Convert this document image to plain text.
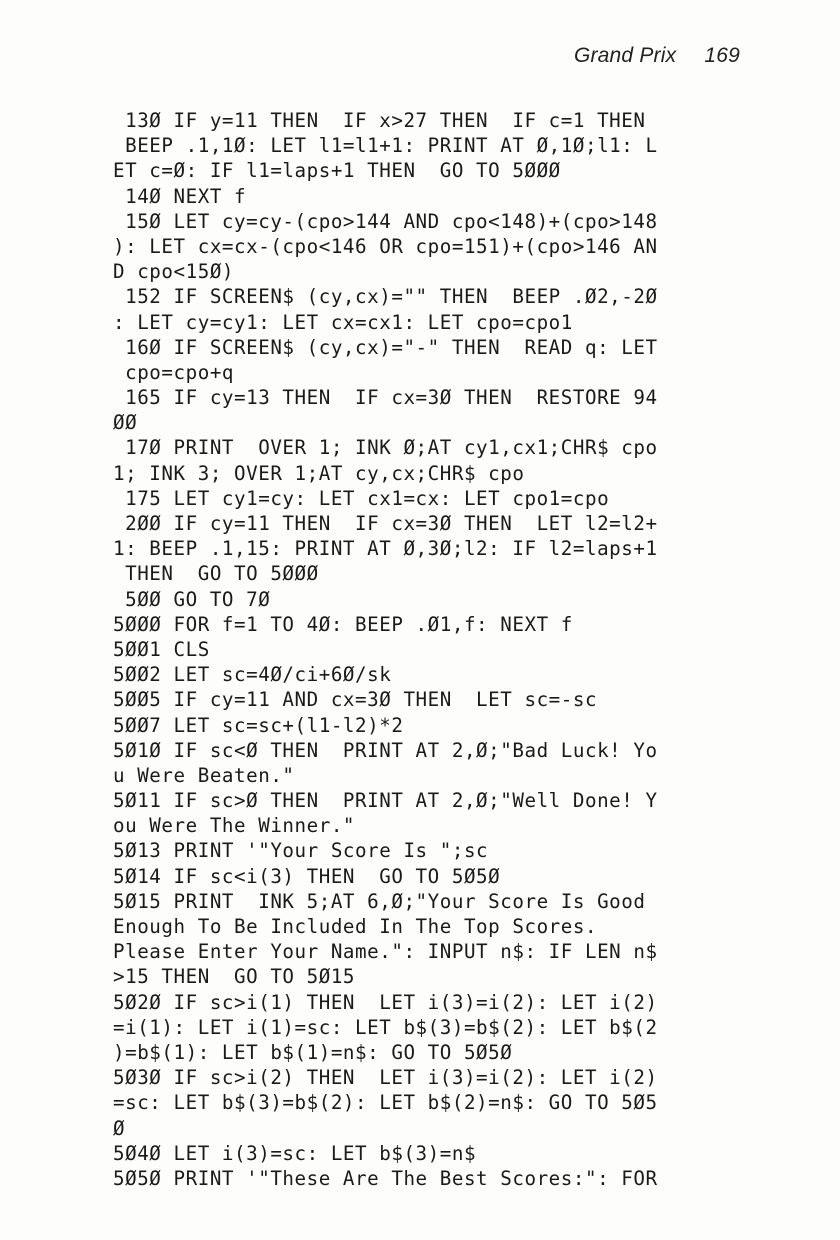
Grand Prix 169
13Ø IF y=11 THEN  IF x>27 THEN  IF c=1 THEN
BEEP .1,1Ø: LET l1=l1+1: PRINT AT Ø,1Ø;l1: L
ET c=Ø: IF l1=laps+1 THEN  GO TO 5ØØØ
14Ø NEXT f
15Ø LET cy=cy-(cpo>144 AND cpo<148)+(cpo>148
): LET cx=cx-(cpo<146 OR cpo=151)+(cpo>146 AN
D cpo<15Ø)
152 IF SCREEN$ (cy,cx)="" THEN  BEEP .Ø2,-2Ø
: LET cy=cy1: LET cx=cx1: LET cpo=cpo1
16Ø IF SCREEN$ (cy,cx)="-" THEN  READ q: LET
cpo=cpo+q
165 IF cy=13 THEN  IF cx=3Ø THEN  RESTORE 94
ØØ
17Ø PRINT  OVER 1; INK Ø;AT cy1,cx1;CHR$ cpo
1; INK 3; OVER 1;AT cy,cx;CHR$ cpo
175 LET cy1=cy: LET cx1=cx: LET cpo1=cpo
2ØØ IF cy=11 THEN  IF cx=3Ø THEN  LET l2=l2+
1: BEEP .1,15: PRINT AT Ø,3Ø;l2: IF l2=laps+1
THEN  GO TO 5ØØØ
5ØØ GO TO 7Ø
5ØØØ FOR f=1 TO 4Ø: BEEP .Ø1,f: NEXT f
5ØØ1 CLS
5ØØ2 LET sc=4Ø/ci+6Ø/sk
5ØØ5 IF cy=11 AND cx=3Ø THEN  LET sc=-sc
5ØØ7 LET sc=sc+(l1-l2)*2
5Ø1Ø IF sc<Ø THEN  PRINT AT 2,Ø;"Bad Luck! Yo
u Were Beaten."
5Ø11 IF sc>Ø THEN  PRINT AT 2,Ø;"Well Done! Y
ou Were The Winner."
5Ø13 PRINT '"Your Score Is ";sc
5Ø14 IF sc<i(3) THEN  GO TO 5Ø5Ø
5Ø15 PRINT  INK 5;AT 6,Ø;"Your Score Is Good
Enough To Be Included In The Top Scores.
Please Enter Your Name.": INPUT n$: IF LEN n$
>15 THEN  GO TO 5Ø15
5Ø2Ø IF sc>i(1) THEN  LET i(3)=i(2): LET i(2)
=i(1): LET i(1)=sc: LET b$(3)=b$(2): LET b$(2
)=b$(1): LET b$(1)=n$: GO TO 5Ø5Ø
5Ø3Ø IF sc>i(2) THEN  LET i(3)=i(2): LET i(2)
=sc: LET b$(3)=b$(2): LET b$(2)=n$: GO TO 5Ø5
Ø
5Ø4Ø LET i(3)=sc: LET b$(3)=n$
5Ø5Ø PRINT '"These Are The Best Scores:": FOR
